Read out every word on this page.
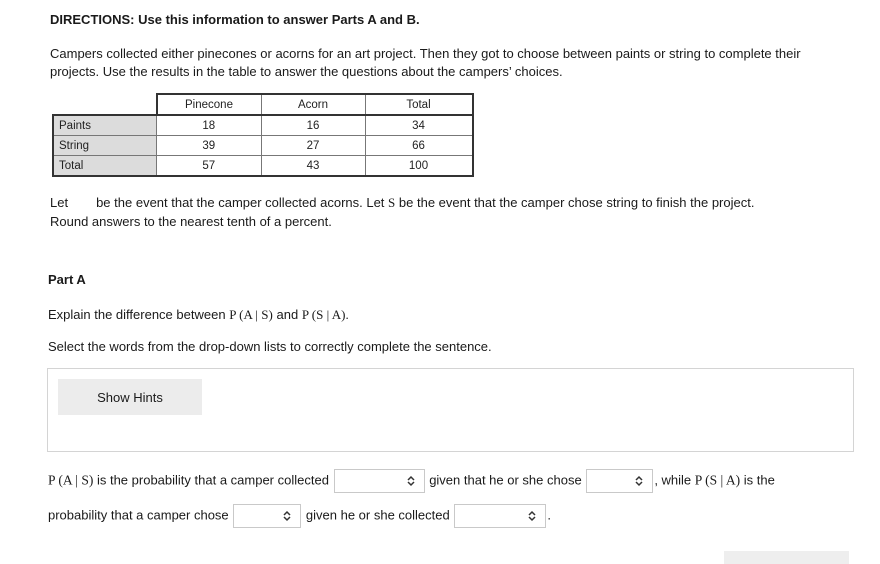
DIRECTIONS: Use this information to answer Parts A and B.
Campers collected either pinecones or acorns for an art project. Then they got to choose between paints or string to complete their projects. Use the results in the table to answer the questions about the campers’ choices.
	Pinecone	Acorn	Total
Paints	18	16	34
String	39	27	66
Total	57	43	100
Let be the event that the camper collected acorns. Let S be the event that the camper chose string to finish the project.
Round answers to the nearest tenth of a percent.
Part A
Explain the difference between P (A | S) and P (S | A).
Select the words from the drop-down lists to correctly complete the sentence.
Show Hints
P (A | S) is the probability that a camper collected	given that he or she chose	, while P (S | A) is the
probability that a camper chose	given he or she collected	.
